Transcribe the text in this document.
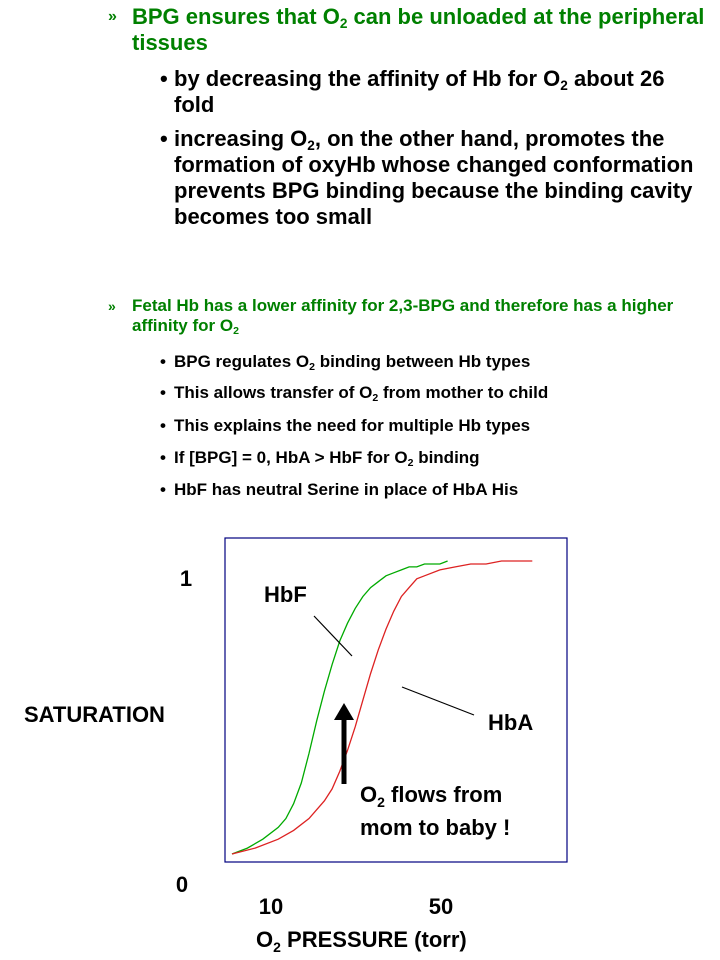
» BPG ensures that $O_2$ can be unloaded at the peripheral tissues
• by decreasing the affinity of Hb for $O_2$ about 26 fold
• increasing $O_2$, on the other hand, promotes the formation of oxyHb whose changed conformation prevents BPG binding because the binding cavity becomes too small
» Fetal Hb has a lower affinity for 2,3-BPG and therefore has a higher affinity for $O_2$
• BPG regulates $O_2$ binding between Hb types
• This allows transfer of $O_2$ from mother to child
• This explains the need for multiple Hb types
• If [BPG] = 0, HbA > HbF for $O_2$ binding
• HbF has neutral Serine in place of HbA His
1
0
SATURATION
10	50
$O_2$ PRESSURE (torr)
HbF
HbA
$O_2$ flows from
mom to baby !
